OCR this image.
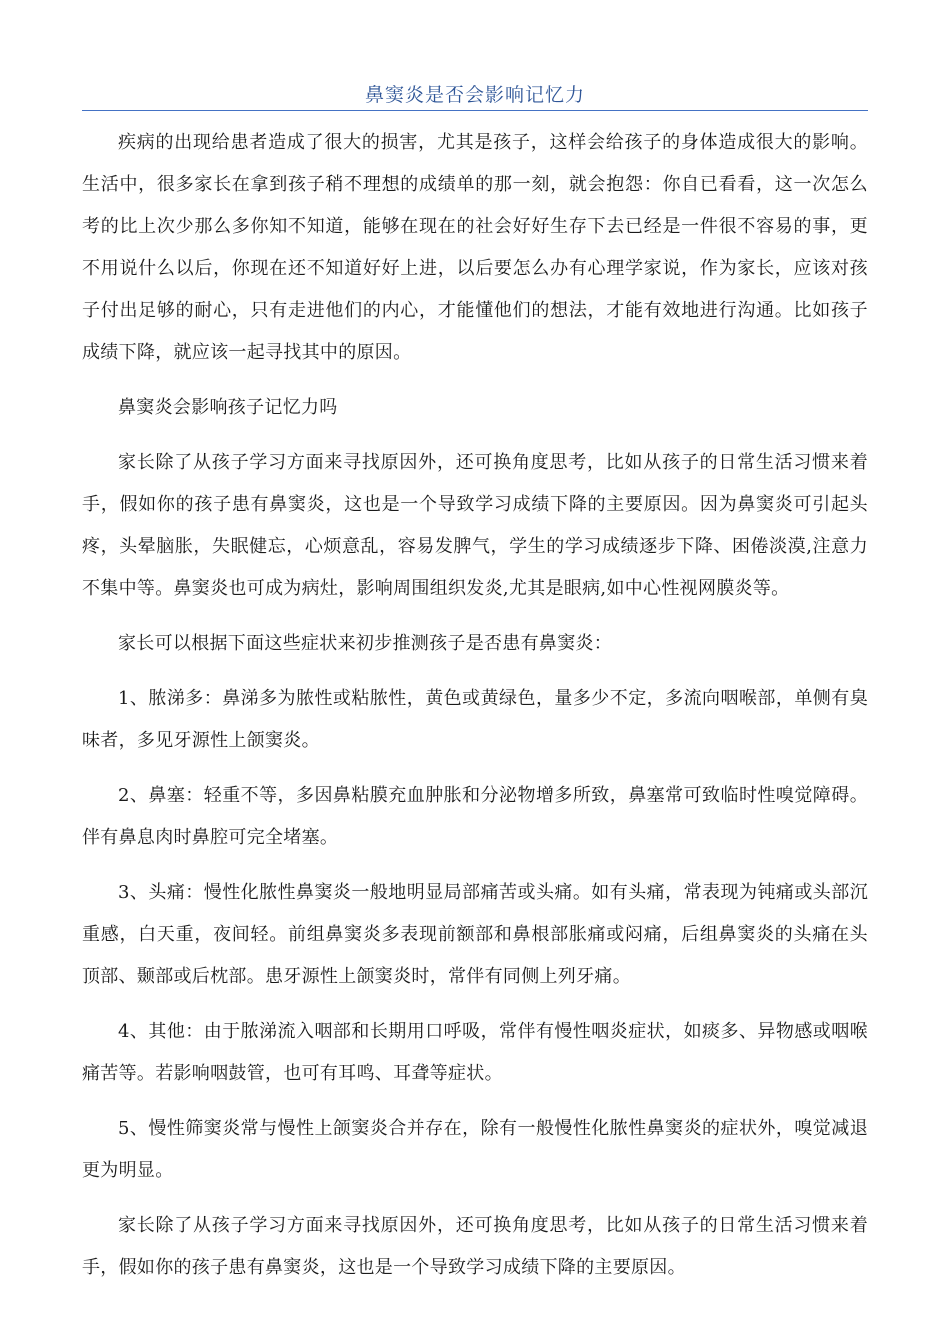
鼻窦炎是否会影响记忆力

疾病的出现给患者造成了很大的损害，尤其是孩子，这样会给孩子的身体造成很大的影响。生活中，很多家长在拿到孩子稍不理想的成绩单的那一刻，就会抱怨：你自已看看，这一次怎么考的比上次少那么多你知不知道，能够在现在的社会好好生存下去已经是一件很不容易的事，更不用说什么以后，你现在还不知道好好上进，以后要怎么办有心理学家说，作为家长，应该对孩子付出足够的耐心，只有走进他们的内心，才能懂他们的想法，才能有效地进行沟通。比如孩子成绩下降，就应该一起寻找其中的原因。

鼻窦炎会影响孩子记忆力吗

家长除了从孩子学习方面来寻找原因外，还可换角度思考，比如从孩子的日常生活习惯来着手，假如你的孩子患有鼻窦炎，这也是一个导致学习成绩下降的主要原因。因为鼻窦炎可引起头疼，头晕脑胀，失眠健忘，心烦意乱，容易发脾气，学生的学习成绩逐步下降、困倦淡漠,注意力不集中等。鼻窦炎也可成为病灶，影响周围组织发炎,尤其是眼病,如中心性视网膜炎等。

家长可以根据下面这些症状来初步推测孩子是否患有鼻窦炎：

1、脓涕多：鼻涕多为脓性或粘脓性，黄色或黄绿色，量多少不定，多流向咽喉部，单侧有臭味者，多见牙源性上颌窦炎。

2、鼻塞：轻重不等，多因鼻粘膜充血肿胀和分泌物增多所致，鼻塞常可致临时性嗅觉障碍。伴有鼻息肉时鼻腔可完全堵塞。

3、头痛：慢性化脓性鼻窦炎一般地明显局部痛苦或头痛。如有头痛，常表现为钝痛或头部沉重感，白天重，夜间轻。前组鼻窦炎多表现前额部和鼻根部胀痛或闷痛，后组鼻窦炎的头痛在头顶部、颞部或后枕部。患牙源性上颌窦炎时，常伴有同侧上列牙痛。

4、其他：由于脓涕流入咽部和长期用口呼吸，常伴有慢性咽炎症状，如痰多、异物感或咽喉痛苦等。若影响咽鼓管，也可有耳鸣、耳聋等症状。

5、慢性筛窦炎常与慢性上颌窦炎合并存在，除有一般慢性化脓性鼻窦炎的症状外，嗅觉减退更为明显。

家长除了从孩子学习方面来寻找原因外，还可换角度思考，比如从孩子的日常生活习惯来着手，假如你的孩子患有鼻窦炎，这也是一个导致学习成绩下降的主要原因。
